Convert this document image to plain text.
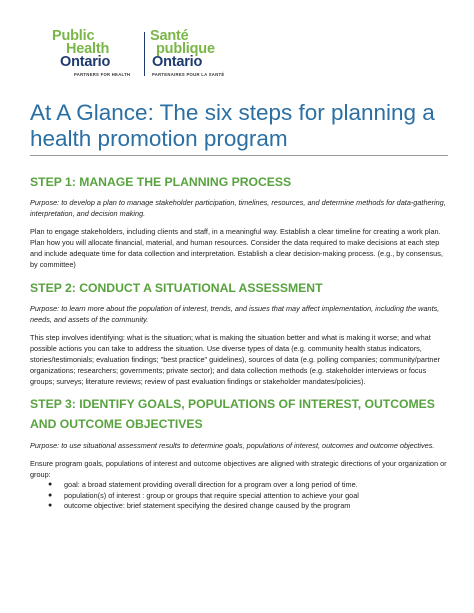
Public
Health
Ontario
PARTNERS FOR HEALTH
Santé
publique
Ontario
PARTENAIRES POUR LA SANTÉ
At A Glance: The six steps for planning a health promotion program
STEP 1: MANAGE THE PLANNING PROCESS

Purpose: to develop a plan to manage stakeholder participation, timelines, resources, and determine methods for data-gathering, interpretation, and decision making.

Plan to engage stakeholders, including clients and staff, in a meaningful way. Establish a clear timeline for creating a work plan. Plan how you will allocate financial, material, and human resources. Consider the data required to make decisions at each step and include adequate time for data collection and interpretation. Establish a clear decision-making process. (e.g., by consensus, by committee)

STEP 2: CONDUCT A SITUATIONAL ASSESSMENT

Purpose: to learn more about the population of interest, trends, and issues that may affect implementation, including the wants, needs, and assets of the community.

This step involves identifying: what is the situation; what is making the situation better and what is making it worse; and what possible actions you can take to address the situation. Use diverse types of data (e.g. community health status indicators, stories/testimonials; evaluation findings; "best practice" guidelines), sources of data (e.g. polling companies; community/partner organizations; researchers; governments; private sector); and data collection methods (e.g. stakeholder interviews or focus groups; surveys; literature reviews; review of past evaluation findings or stakeholder mandates/policies).

STEP 3: IDENTIFY GOALS, POPULATIONS OF INTEREST, OUTCOMES AND OUTCOME OBJECTIVES

Purpose: to use situational assessment results to determine goals, populations of interest, outcomes and outcome objectives.

Ensure program goals, populations of interest and outcome objectives are aligned with strategic directions of your organization or group:

● goal: a broad statement providing overall direction for a program over a long period of time.
● population(s) of interest : group or groups that require special attention to achieve your goal
● outcome objective: brief statement specifying the desired change caused by the program
